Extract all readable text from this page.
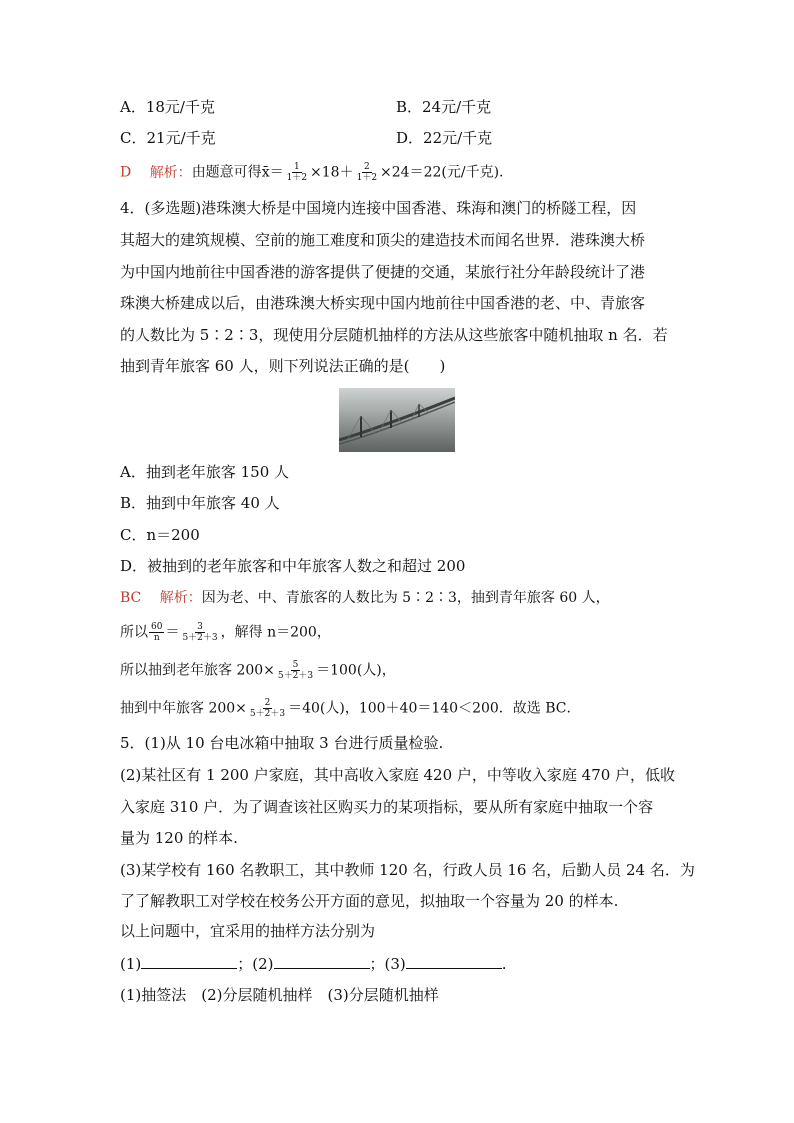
A．18元/千克	B．24元/千克
C．21元/千克	D．22元/千克
D 解析：由题意可得x̄＝ $\frac{1}{1+2} \times 18+ \frac{2}{1+2} \times 24=22$(元/千克).
4．(多选题)港珠澳大桥是中国境内连接中国香港、珠海和澳门的桥隧工程，因
其超大的建筑规模、空前的施工难度和顶尖的建造技术而闻名世界．港珠澳大桥
为中国内地前往中国香港的游客提供了便捷的交通，某旅行社分年龄段统计了港
珠澳大桥建成以后，由港珠澳大桥实现中国内地前往中国香港的老、中、青旅客
的人数比为 5∶2∶3，现使用分层随机抽样的方法从这些旅客中随机抽取 n 名．若
抽到青年旅客 60 人，则下列说法正确的是(　　)
A．抽到老年旅客 150 人
B．抽到中年旅客 40 人
C．n＝200
D．被抽到的老年旅客和中年旅客人数之和超过 200
BC 解析：因为老、中、青旅客的人数比为 5∶2∶3，抽到青年旅客 60 人，
所以 $\frac{60}{n} = \frac{3}{5+2+3}$ ，解得 n＝200，
所以抽到老年旅客 $200\times \frac{5}{5+2+3} =100$(人)，
抽到中年旅客 $200\times \frac{2}{5+2+3} =40$(人)，100＋40＝140＜200．故选 BC．
5．(1)从 10 台电冰箱中抽取 3 台进行质量检验.
(2)某社区有 1 200 户家庭，其中高收入家庭 420 户，中等收入家庭 470 户，低收
入家庭 310 户．为了调查该社区购买力的某项指标，要从所有家庭中抽取一个容
量为 120 的样本.
(3)某学校有 160 名教职工，其中教师 120 名，行政人员 16 名，后勤人员 24 名．为
了了解教职工对学校在校务公开方面的意见，拟抽取一个容量为 20 的样本.
以上问题中，宜采用的抽样方法分别为
(1)	；(2)	；(3)	.
(1)抽签法　(2)分层随机抽样　(3)分层随机抽样
